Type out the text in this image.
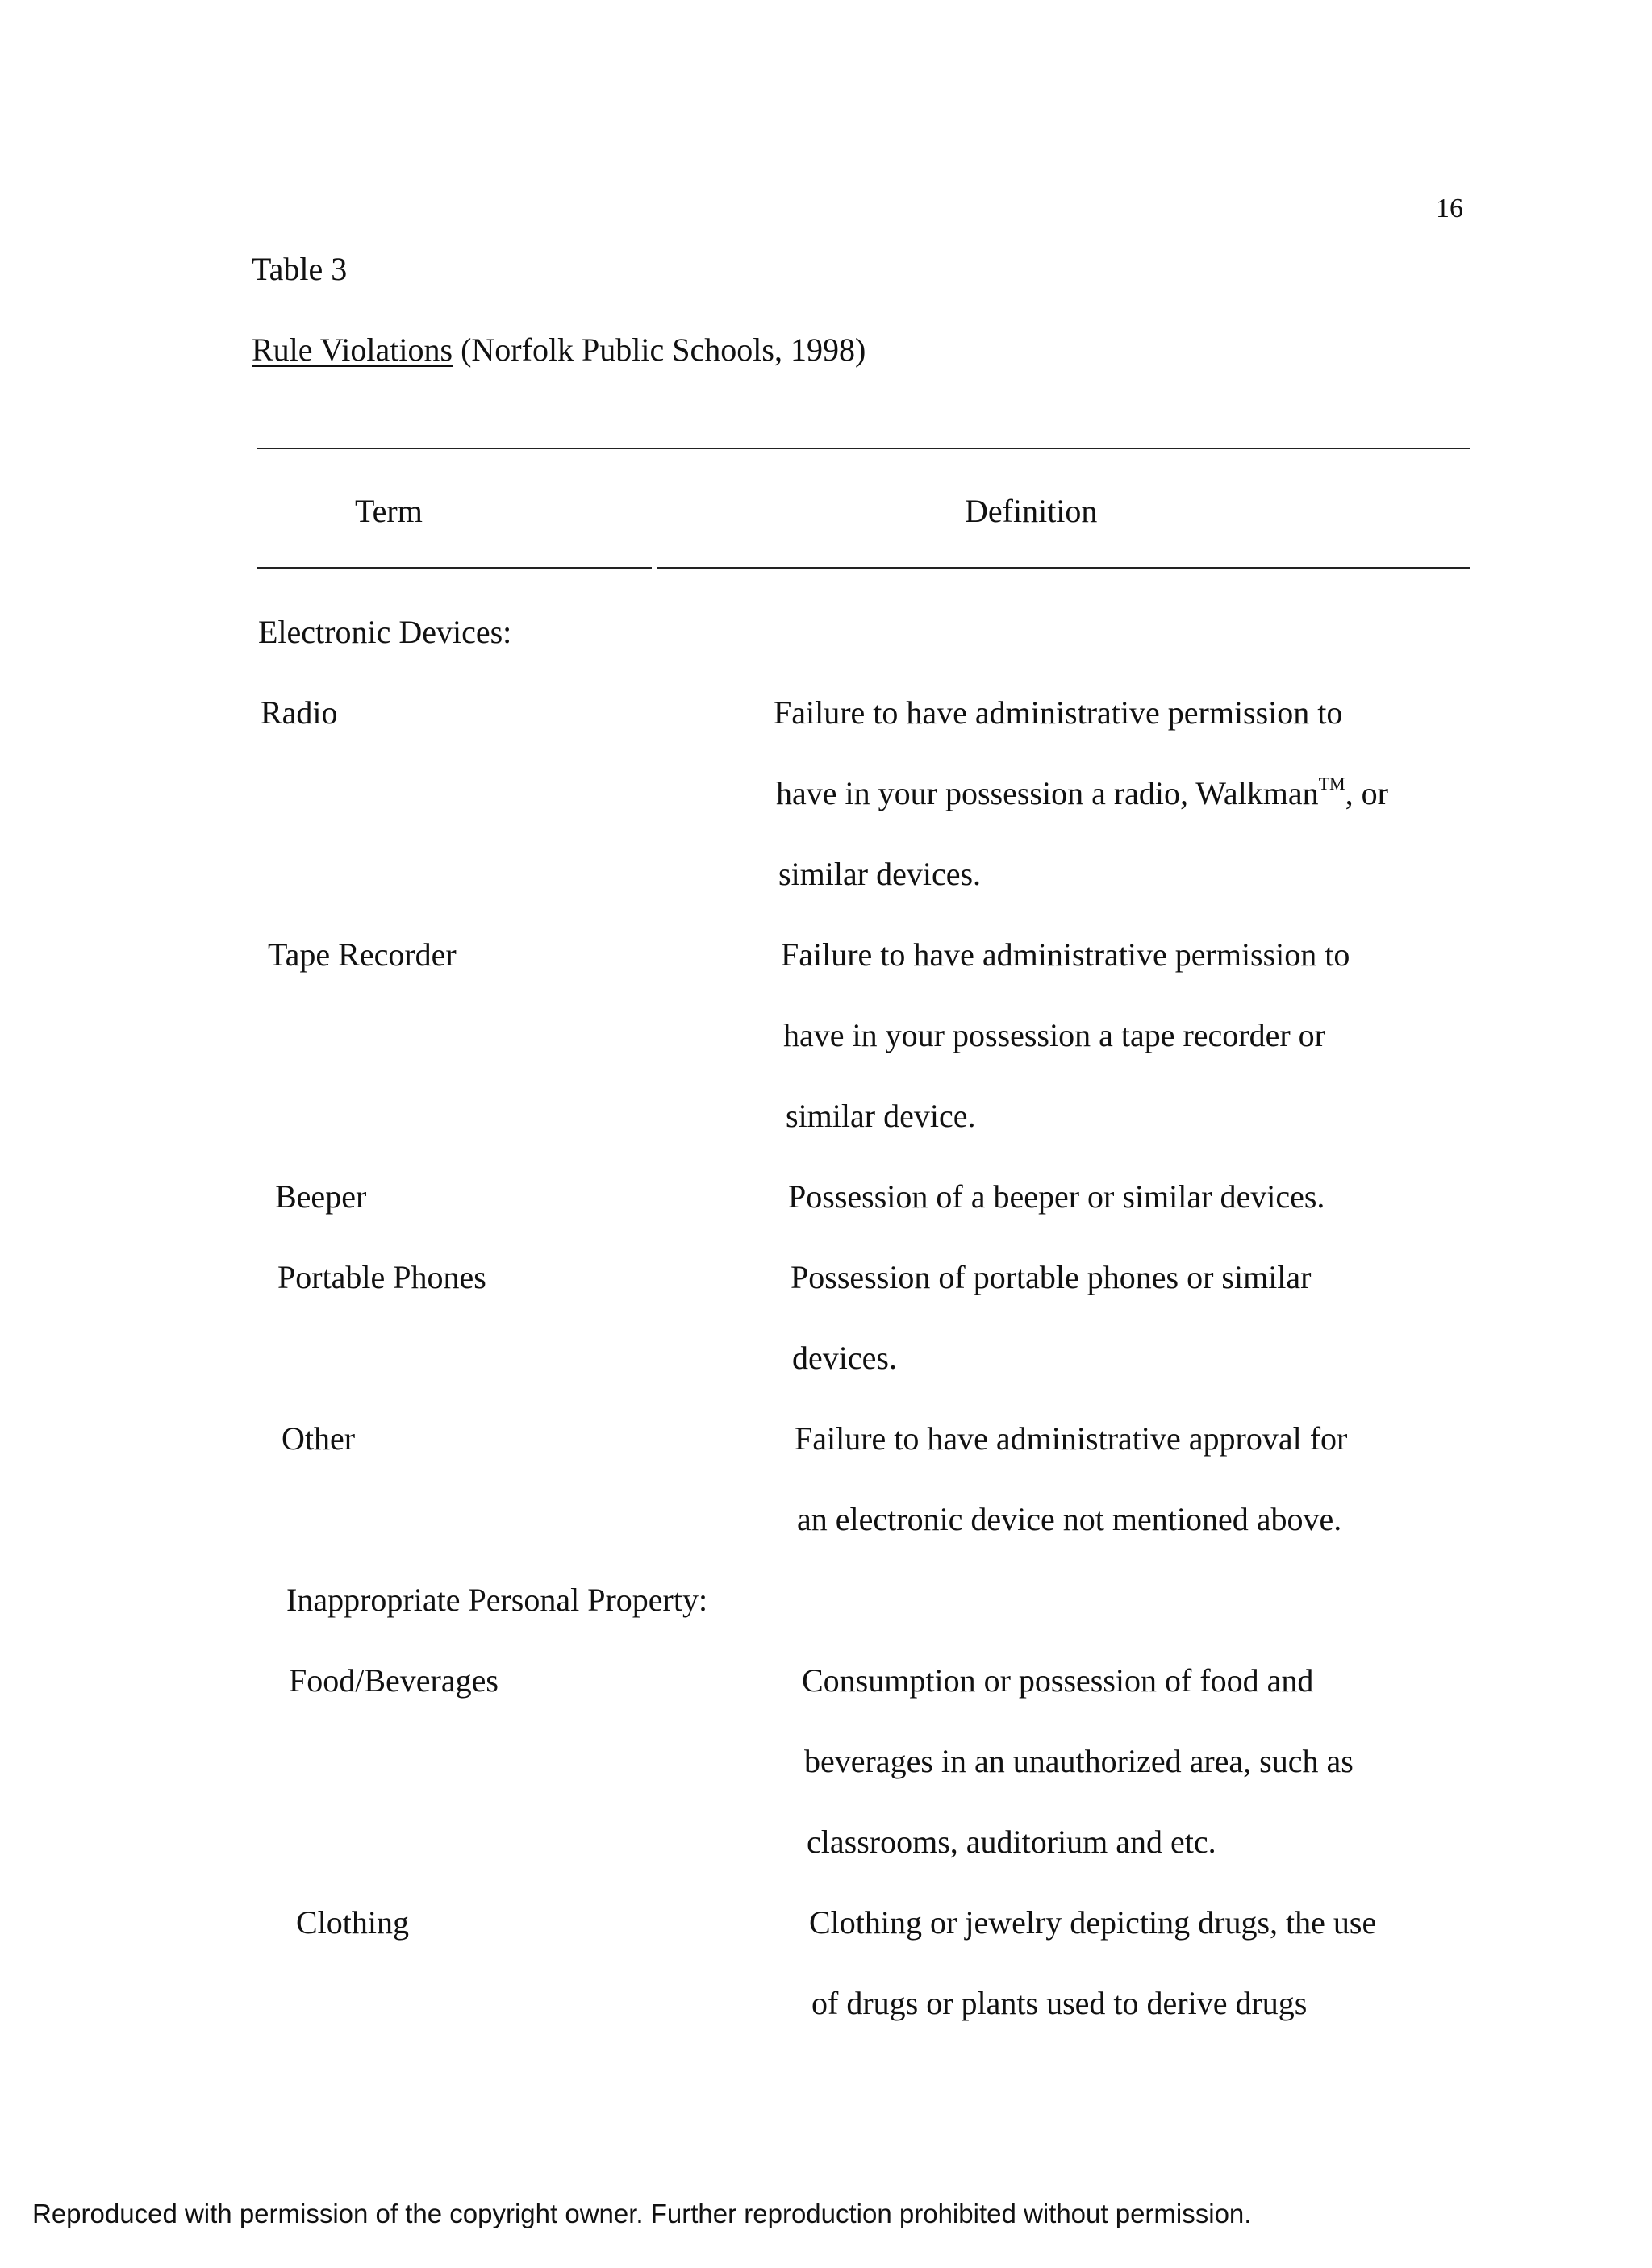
16
Table 3
Rule Violations (Norfolk Public Schools, 1998)
Term	Definition
Electronic Devices:
Radio	Failure to have administrative permission to
have in your possession a radio, Walkman™, or
similar devices.
Tape Recorder	Failure to have administrative permission to
have in your possession a tape recorder or
similar device.
Beeper	Possession of a beeper or similar devices.
Portable Phones	Possession of portable phones or similar
devices.
Other	Failure to have administrative approval for
an electronic device not mentioned above.
Inappropriate Personal Property:
Food/Beverages	Consumption or possession of food and
beverages in an unauthorized area, such as
classrooms, auditorium and etc.
Clothing	Clothing or jewelry depicting drugs, the use
of drugs or plants used to derive drugs
Reproduced with permission of the copyright owner. Further reproduction prohibited without permission.
